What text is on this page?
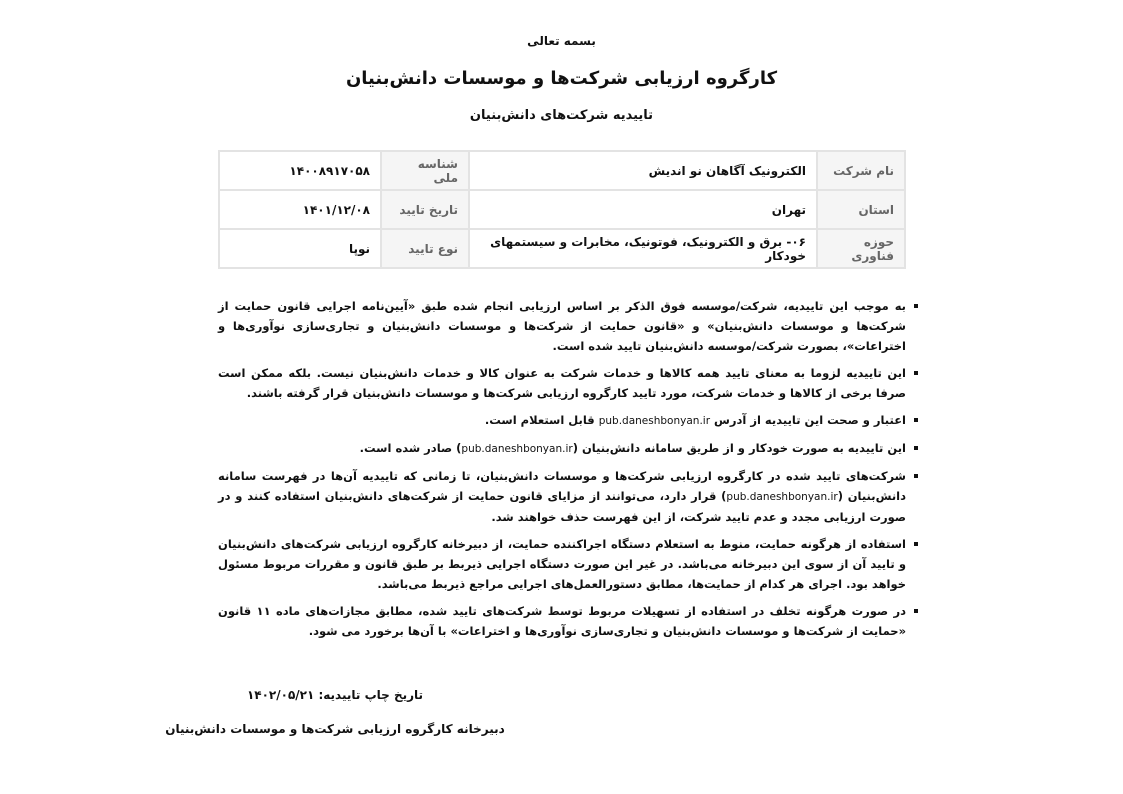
بسمه تعالی
کارگروه ارزیابی شرکت‌ها و موسسات دانش‌بنیان
تاییدیه شرکت‌های دانش‌بنیان
نام شرکت	الکترونیک آگاهان نو اندیش	شناسه ملی	۱۴۰۰۸۹۱۷۰۵۸
استان	تهران	تاریخ تایید	۱۴۰۱/۱۲/۰۸
حوزه فناوری	۰۶- برق و الکترونیک، فوتونیک، مخابرات و سیستمهای خودکار	نوع تایید	نوپا
به موجب این تاییدیه، شرکت/موسسه فوق الذکر بر اساس ارزیابی انجام شده طبق «آیین‌نامه اجرایی قانون حمایت از شرکت‌ها و موسسات دانش‌بنیان» و «قانون حمایت از شرکت‌ها و موسسات دانش‌بنیان و تجاری‌سازی نوآوری‌ها و اختراعات»، بصورت شرکت/موسسه دانش‌بنیان تایید شده است.
این تاییدیه لزوما به معنای تایید همه کالاها و خدمات شرکت به عنوان کالا و خدمات دانش‌بنیان نیست. بلکه ممکن است صرفا برخی از کالاها و خدمات شرکت، مورد تایید کارگروه ارزیابی شرکت‌ها و موسسات دانش‌بنیان قرار گرفته باشند.
اعتبار و صحت این تاییدیه از آدرس pub.daneshbonyan.ir قابل استعلام است.
این تاییدیه به صورت خودکار و از طریق سامانه دانش‌بنیان (pub.daneshbonyan.ir) صادر شده است.
شرکت‌های تایید شده در کارگروه ارزیابی شرکت‌ها و موسسات دانش‌بنیان، تا زمانی که تاییدیه آن‌ها در فهرست سامانه دانش‌بنیان (pub.daneshbonyan.ir) قرار دارد، می‌توانند از مزایای قانون حمایت از شرکت‌های دانش‌بنیان استفاده کنند و در صورت ارزیابی مجدد و عدم تایید شرکت، از این فهرست حذف خواهند شد.
استفاده از هرگونه حمایت، منوط به استعلام دستگاه اجراکننده حمایت، از دبیرخانه کارگروه ارزیابی شرکت‌های دانش‌بنیان و تایید آن از سوی این دبیرخانه می‌باشد. در غیر این صورت دستگاه اجرایی ذیربط بر طبق قانون و مقررات مربوط مسئول خواهد بود. اجرای هر کدام از حمایت‌ها، مطابق دستورالعمل‌های اجرایی مراجع ذیربط می‌باشد.
در صورت هرگونه تخلف در استفاده از تسهیلات مربوط توسط شرکت‌های تایید شده، مطابق مجازات‌های ماده ۱۱ قانون «حمایت از شرکت‌ها و موسسات دانش‌بنیان و تجاری‌سازی نوآوری‌ها و اختراعات» با آن‌ها برخورد می شود.
تاریخ چاپ تاییدیه: ۱۴۰۲/۰۵/۲۱
دبیرخانه کارگروه ارزیابی شرکت‌ها و موسسات دانش‌بنیان
